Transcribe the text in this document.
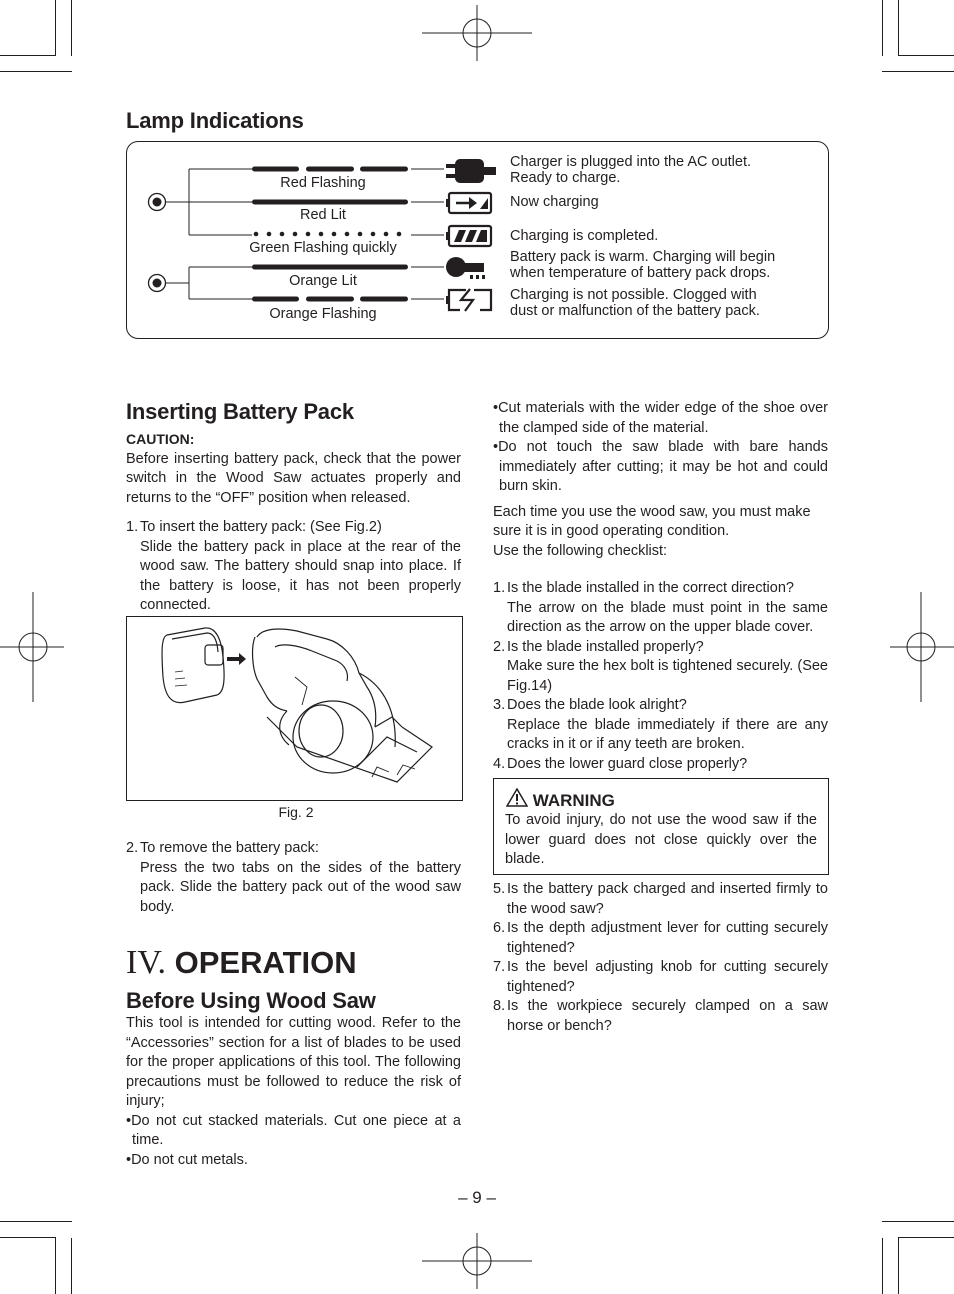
Lamp Indications
Red Flashing
Red Lit
Green Flashing quickly
Orange Lit
Orange Flashing
Charger is plugged into the AC outlet.
Ready to charge.
Now charging
Charging is completed.
Battery pack is warm. Charging will begin
when temperature of battery pack drops.
Charging is not possible. Clogged with
dust or malfunction of the battery pack.
Inserting Battery Pack

CAUTION:

Before inserting battery pack, check that the power switch in the Wood Saw actuates properly and returns to the “OFF” position when released.

1. To insert the battery pack: (See Fig.2)

Slide the battery pack in place at the rear of the wood saw. The battery should snap into place. If the battery is loose, it has not been properly connected.

Fig. 2
2. To remove the battery pack:

Press the two tabs on the sides of the battery pack. Slide the battery pack out of the wood saw body.

IV. OPERATION
Before Using Wood Saw

This tool is intended for cutting wood. Refer to the “Accessories” section for a list of blades to be used for the proper applications of this tool. The following precautions must be followed to reduce the risk of injury;

•Do not cut stacked materials. Cut one piece at a time.

•Do not cut metals.

•Cut materials with the wider edge of the shoe over the clamped side of the material.

•Do not touch the saw blade with bare hands immediately after cutting; it may be hot and could burn skin.

Each time you use the wood saw, you must make sure it is in good operating condition.

Use the following checklist:

1. Is the blade installed in the correct direction?

The arrow on the blade must point in the same direction as the arrow on the upper blade cover.

2. Is the blade installed properly?

Make sure the hex bolt is tightened securely. (See Fig.14)

3. Does the blade look alright?

Replace the blade immediately if there are any cracks in it or if any teeth are broken.

4. Does the lower guard close properly?

WARNING
To avoid injury, do not use the wood saw if the lower guard does not close quickly over the blade.
5. Is the battery pack charged and inserted firmly to the wood saw?

6. Is the depth adjustment lever for cutting securely tightened?

7. Is the bevel adjusting knob for cutting securely tightened?

8. Is the workpiece securely clamped on a saw horse or bench?

– 9 –
